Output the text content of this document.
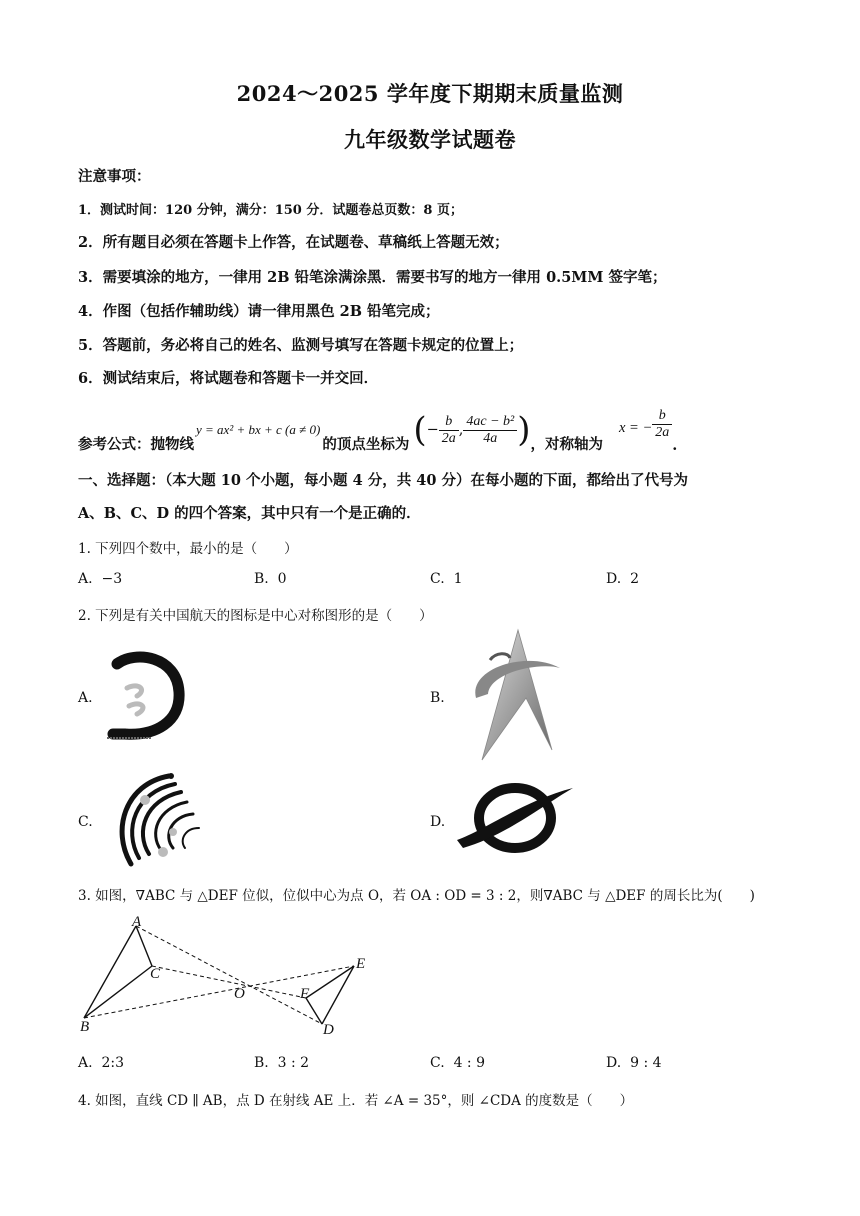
2024～2025 学年度下期期末质量监测
九年级数学试题卷
注意事项：
1．测试时间：120 分钟，满分：150 分．试题卷总页数：8 页；
2．所有题目必须在答题卡上作答，在试题卷、草稿纸上答题无效；
3．需要填涂的地方，一律用 2B 铅笔涂满涂黑．需要书写的地方一律用 0.5MM 签字笔；
4．作图（包括作辅助线）请一律用黑色 2B 铅笔完成；
5．答题前，务必将自己的姓名、监测号填写在答题卡规定的位置上；
6．测试结束后，将试题卷和答题卡一并交回．
参考公式：抛物线
y = ax² + bx + c (a ≠ 0)
的顶点坐标为 ( − $\frac{b}{2a}$ , $\frac{\text{4ac − b²}}{4a}$ ) ，对称轴为
x = − $\frac{b}{2a}$
.
一、选择题：（本大题 10 个小题，每小题 4 分，共 40 分）在每小题的下面，都给出了代号为
A、B、C、D 的四个答案，其中只有一个是正确的．
1. 下列四个数中，最小的是（　　）
A. −3	B. 0	C. 1	D. 2
2. 下列是有关中国航天的图标是中心对称图形的是（　　）
A.	B.
C.	D.
3. 如图，∇ABC 与 △DEF 位似，位似中心为点 O，若 OA : OD = 3 : 2，则∇ABC 与 △DEF 的周长比为(　　)
A
B
C
O
D
E
F
A. 2:3	B. 3 : 2	C. 4 : 9	D. 9 : 4
4. 如图，直线 CD ∥ AB，点 D 在射线 AE 上．若 ∠A = 35°，则 ∠CDA 的度数是（　　）
